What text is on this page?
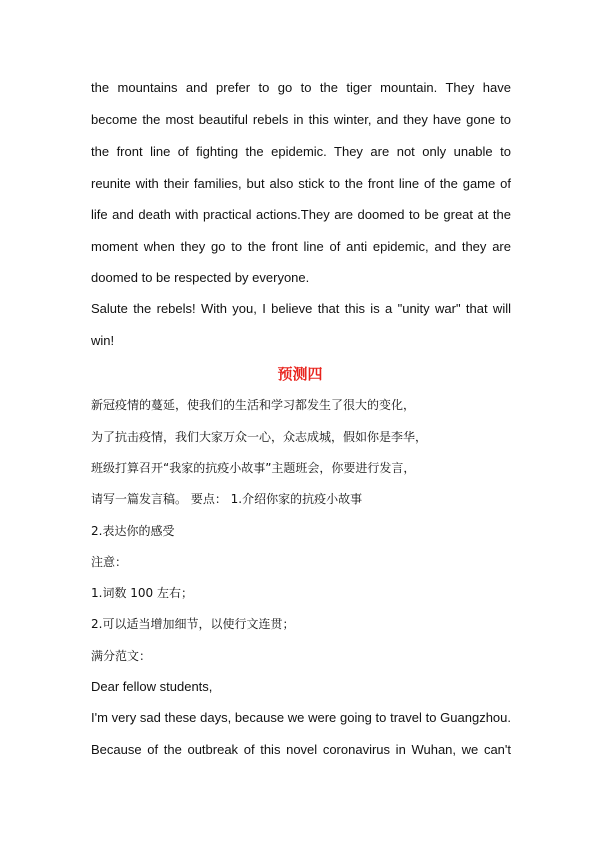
the mountains and prefer to go to the tiger mountain. They have
become the most beautiful rebels in this winter, and they have gone to
the front line of fighting the epidemic. They are not only unable to
reunite with their families, but also stick to the front line of the game of
life and death with practical actions.They are doomed to be great at the
moment when they go to the front line of anti epidemic, and they are
doomed to be respected by everyone.
Salute the rebels! With you, I believe that this is a "unity war" that will
win!
预测四
新冠疫情的蔓延，使我们的生活和学习都发生了很大的变化，
为了抗击疫情，我们大家万众一心，众志成城，假如你是李华，
班级打算召开“我家的抗疫小故事”主题班会，你要进行发言，
请写一篇发言稿。 要点： 1.介绍你家的抗疫小故事
2.表达你的感受
注意：
1.词数 100 左右；
2.可以适当增加细节，以使行文连贯；
满分范文：
Dear fellow students,
I'm very sad these days, because we were going to travel to Guangzhou.
Because of the outbreak of this novel coronavirus in Wuhan, we can't
